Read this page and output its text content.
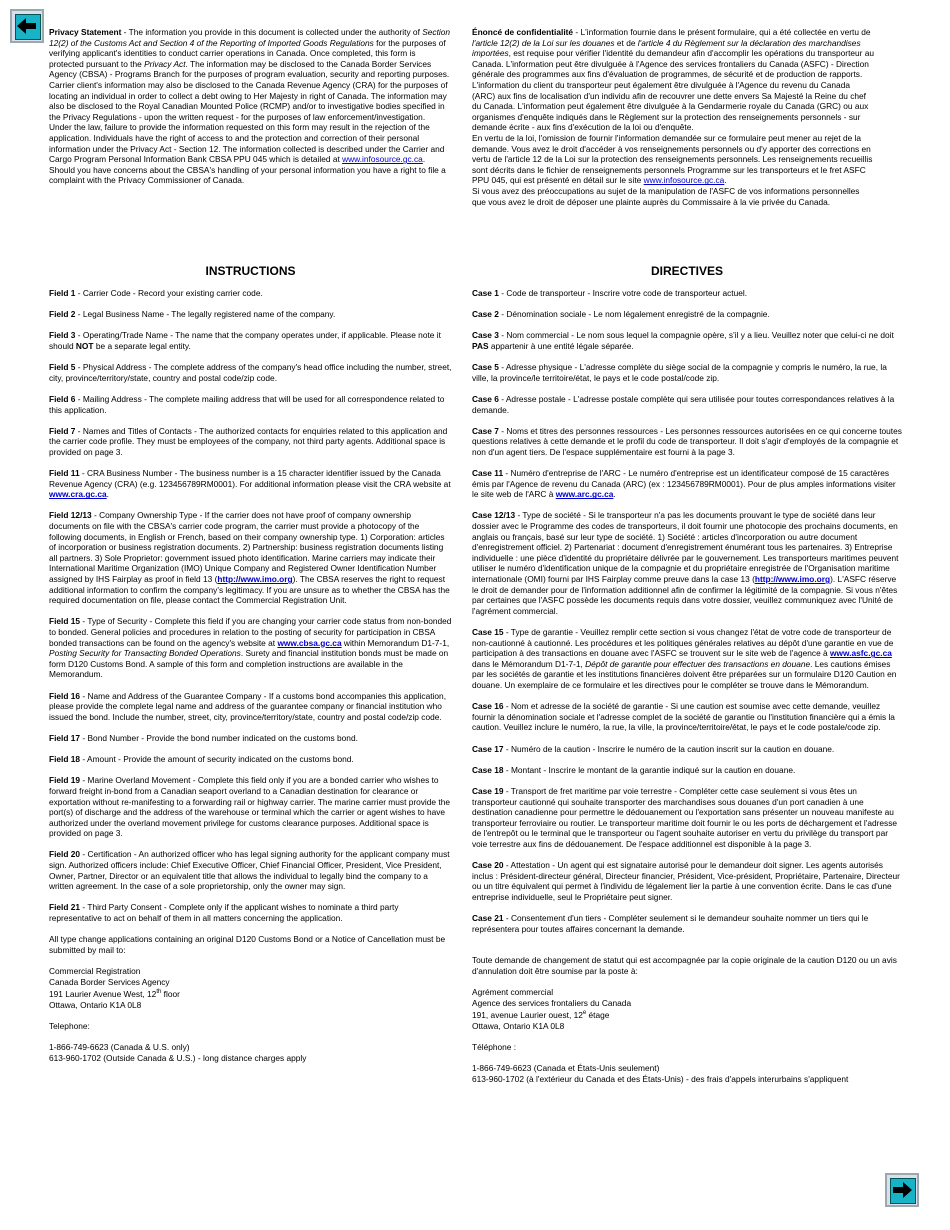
Privacy Statement - The information you provide in this document is collected under the authority of Section 12(2) of the Customs Act and Section 4 of the Reporting of Imported Goods Regulations for the purposes of verifying applicant's identities to conduct carrier operations in Canada. Once completed, this form is protected pursuant to the Privacy Act. The information may be disclosed to the Canada Border Services Agency (CBSA) - Programs Branch for the purposes of program evaluation, security and reporting purposes. Carrier client's information may also be disclosed to the Canada Revenue Agency (CRA) for the purposes of locating an individual in order to collect a debt owing to Her Majesty in right of Canada. The information may also be disclosed to the Royal Canadian Mounted Police (RCMP) and/or to investigative bodies specified in the Privacy Regulations - upon the written request - for the purposes of law enforcement/investigation.

Under the law, failure to provide the information requested on this form may result in the rejection of the application. Individuals have the right of access to and the protection and correction of their personal information under the Privacy Act - Section 12. The information collected is described under the Carrier and Cargo Program Personal Information Bank CBSA PPU 045 which is detailed at www.infosource.gc.ca.

Should you have concerns about the CBSA's handling of your personal information you have a right to file a complaint with the Privacy Commissioner of Canada.

INSTRUCTIONS

Field 1 - Carrier Code - Record your existing carrier code.

Field 2 - Legal Business Name - The legally registered name of the company.

Field 3 - Operating/Trade Name - The name that the company operates under, if applicable. Please note it should NOT be a separate legal entity.

Field 5 - Physical Address - The complete address of the company's head office including the number, street, city, province/territory/state, country and postal code/zip code.

Field 6 - Mailing Address - The complete mailing address that will be used for all correspondence related to this application.

Field 7 - Names and Titles of Contacts - The authorized contacts for enquiries related to this application and the carrier code profile. They must be employees of the company, not third party agents. Additional space is provided on page 3.

Field 11 - CRA Business Number - The business number is a 15 character identifier issued by the Canada Revenue Agency (CRA) (e.g. 123456789RM0001). For additional information please visit the CRA website at www.cra.gc.ca.

Field 12/13 - Company Ownership Type - If the carrier does not have proof of company ownership documents on file with the CBSA's carrier code program, the carrier must provide a photocopy of the following documents, in English or French, based on their company ownership type. 1) Corporation: articles of incorporation or business registration documents. 2) Partnership: business registration documents listing all partners. 3) Sole Proprietor: government issued photo identification. Marine carriers may indicate their International Maritime Organization (IMO) Unique Company and Registered Owner Identification Number assigned by IHS Fairplay as proof in field 13 (http://www.imo.org). The CBSA reserves the right to request additional information to confirm the company's legitimacy. If you are unsure as to whether the CBSA has the required documentation on file, please contact the Commercial Registration Unit.

Field 15 - Type of Security - Complete this field if you are changing your carrier code status from non-bonded to bonded. General policies and procedures in relation to the posting of security for participation in CBSA bonded transactions can be found on the agency's website at www.cbsa.gc.ca within Memorandum D1-7-1, Posting Security for Transacting Bonded Operations. Surety and financial institution bonds must be made on form D120 Customs Bond. A sample of this form and completion instructions are available in the Memorandum.

Field 16 - Name and Address of the Guarantee Company - If a customs bond accompanies this application, please provide the complete legal name and address of the guarantee company or financial institution who issued the bond. Include the number, street, city, province/territory/state, country and postal code/zip code.

Field 17 - Bond Number - Provide the bond number indicated on the customs bond.

Field 18 - Amount - Provide the amount of security indicated on the customs bond.

Field 19 - Marine Overland Movement - Complete this field only if you are a bonded carrier who wishes to forward freight in-bond from a Canadian seaport overland to a Canadian destination for clearance or exportation without re-manifesting to a forwarding rail or highway carrier. The marine carrier must provide the port(s) of discharge and the address of the warehouse or terminal which the carrier or agent wishes to have authorized under the overland movement privilege for customs clearance purposes. Additional space is provided on page 3.

Field 20 - Certification - An authorized officer who has legal signing authority for the applicant company must sign. Authorized officers include: Chief Executive Officer, Chief Financial Officer, President, Vice President, Owner, Partner, Director or an equivalent title that allows the individual to legally bind the company to a written agreement. In the case of a sole proprietorship, only the owner may sign.

Field 21 - Third Party Consent - Complete only if the applicant wishes to nominate a third party representative to act on behalf of them in all matters concerning the application.

All type change applications containing an original D120 Customs Bond or a Notice of Cancellation must be submitted by mail to:

Commercial Registration

Canada Border Services Agency

191 Laurier Avenue West, 12th floor

Ottawa, Ontario K1A 0L8

Telephone:

1-866-749-6623 (Canada & U.S. only)

613-960-1702 (Outside Canada & U.S.) - long distance charges apply

Énoncé de confidentialité - L'information fournie dans le présent formulaire, qui a été collectée en vertu de l'article 12(2) de la Loi sur les douanes et de l'article 4 du Règlement sur la déclaration des marchandises importées, est requise pour vérifier l'identité du demandeur afin d'accomplir les opérations du transporteur au Canada. L'information peut être divulguée à l'Agence des services frontaliers du Canada (ASFC) - Direction générale des programmes aux fins d'évaluation de programmes, de sécurité et de production de rapports. L'information du client du transporteur peut également être divulguée à l'Agence du revenu du Canada (ARC) aux fins de localisation d'un individu afin de recouvrer une dette envers Sa Majesté la Reine du chef du Canada. L'information peut également être divulguée à la Gendarmerie royale du Canada (GRC) ou aux organismes d'enquête indiqués dans le Règlement sur la protection des renseignements personnels - sur demande écrite - aux fins d'exécution de la loi ou d'enquête.

En vertu de la loi, l'omission de fournir l'information demandée sur ce formulaire peut mener au rejet de la demande. Vous avez le droit d'accéder à vos renseignements personnels ou d'y apporter des corrections en vertu de l'article 12 de la Loi sur la protection des renseignements personnels. Les renseignements recueillis sont décrits dans le fichier de renseignements personnels Programme sur les transporteurs et le fret ASFC PPU 045, qui est présenté en détail sur le site www.infosource.gc.ca.

Si vous avez des préoccupations au sujet de la manipulation de l'ASFC de vos informations personnelles que vous avez le droit de déposer une plainte auprès du Commissaire à la vie privée du Canada.

DIRECTIVES

Case 1 - Code de transporteur - Inscrire votre code de transporteur actuel.

Case 2 - Dénomination sociale - Le nom légalement enregistré de la compagnie.

Case 3 - Nom commercial - Le nom sous lequel la compagnie opère, s'il y a lieu. Veuillez noter que celui-ci ne doit PAS appartenir à une entité légale séparée.

Case 5 - Adresse physique - L'adresse complète du siège social de la compagnie y compris le numéro, la rue, la ville, la province/le territoire/état, le pays et le code postal/code zip.

Case 6 - Adresse postale - L'adresse postale complète qui sera utilisée pour toutes correspondances relatives à la demande.

Case 7 - Noms et titres des personnes ressources - Les personnes ressources autorisées en ce qui concerne toutes questions relatives à cette demande et le profil du code de transporteur. Il doit s'agir d'employés de la compagnie et non d'un agent tiers. De l'espace supplémentaire est fourni à la page 3.

Case 11 - Numéro d'entreprise de l'ARC - Le numéro d'entreprise est un identificateur composé de 15 caractères émis par l'Agence de revenu du Canada (ARC) (ex : 123456789RM0001). Pour de plus amples informations visiter le site web de l'ARC à www.arc.gc.ca.

Case 12/13 - Type de société - Si le transporteur n'a pas les documents prouvant le type de société dans leur dossier avec le Programme des codes de transporteurs, il doit fournir une photocopie des prochains documents, en anglais ou français, basé sur leur type de société. 1) Société : articles d'incorporation ou autre document d'enregistrement officiel. 2) Partenariat : document d'enregistrement énumérant tous les partenaires. 3) Entreprise individuelle : une pièce d'identité du propriétaire délivrée par le gouvernement. Les transporteurs maritimes peuvent utiliser le numéro d'identification unique de la compagnie et du propriétaire enregistrée de l'Organisation maritime internationale (OMI) fourni par IHS Fairplay comme preuve dans la case 13 (http://www.imo.org). L'ASFC réserve le droit de demander pour de l'information additionnel afin de confirmer la légitimité de la compagnie. Si vous n'êtes par certaines que l'ASFC possède les documents requis dans votre dossier, veuillez communiquez avec l'Unité de l'agrément commercial.

Case 15 - Type de garantie - Veuillez remplir cette section si vous changez l'état de votre code de transporteur de non-cautionné à cautionné. Les procédures et les politiques générales relatives au dépôt d'une garantie en vue de participation à des transactions en douane avec l'ASFC se trouvent sur le site web de l'agence à www.asfc.gc.ca dans le Mémorandum D1-7-1, Dépôt de garantie pour effectuer des transactions en douane. Les cautions émises par les sociétés de garantie et les institutions financières doivent être préparées sur un formulaire D120 Caution en douane. Un exemplaire de ce formulaire et les directives pour le compléter se trouve dans le Mémorandum.

Case 16 - Nom et adresse de la société de garantie - Si une caution est soumise avec cette demande, veuillez fournir la dénomination sociale et l'adresse complet de la société de garantie ou l'institution financière qui a émis la caution. Veuillez inclure le numéro, la rue, la ville, la province/territoire/état, le pays et le code postale/code zip.

Case 17 - Numéro de la caution - Inscrire le numéro de la caution inscrit sur la caution en douane.

Case 18 - Montant - Inscrire le montant de la garantie indiqué sur la caution en douane.

Case 19 - Transport de fret maritime par voie terrestre - Compléter cette case seulement si vous êtes un transporteur cautionné qui souhaite transporter des marchandises sous douanes d'un port canadien à une destination canadienne pour permettre le dédouanement ou l'exportation sans présenter un nouveau manifeste au transporteur ferroviaire ou routier. Le transporteur maritime doit fournir le ou les ports de déchargement et l'adresse de l'entrepôt ou le terminal que le transporteur ou l'agent souhaite autoriser en vertu du privilège du transport par voie terrestre aux fins de dédouanement. De l'espace additionnel est disponible à la page 3.

Case 20 - Attestation - Un agent qui est signataire autorisé pour le demandeur doit signer. Les agents autorisés inclus : Président-directeur général, Directeur financier, Président, Vice-président, Propriétaire, Partenaire, Directeur ou un titre équivalent qui permet à l'individu de légalement lier la partie à une convention écrite. Dans le cas d'une entreprise individuelle, seul le Propriétaire peut signer.

Case 21 - Consentement d'un tiers - Compléter seulement si le demandeur souhaite nommer un tiers qui le représentera pour toutes affaires concernant la demande.

Toute demande de changement de statut qui est accompagnée par la copie originale de la caution D120 ou un avis d'annulation doit être soumise par la poste à:

Agrément commercial

Agence des services frontaliers du Canada

191, avenue Laurier ouest, 12e étage

Ottawa, Ontario K1A 0L8

Téléphone :

1-866-749-6623 (Canada et États-Unis seulement)

613-960-1702 (à l'extérieur du Canada et des États-Unis) - des frais d'appels interurbains s'appliquent
